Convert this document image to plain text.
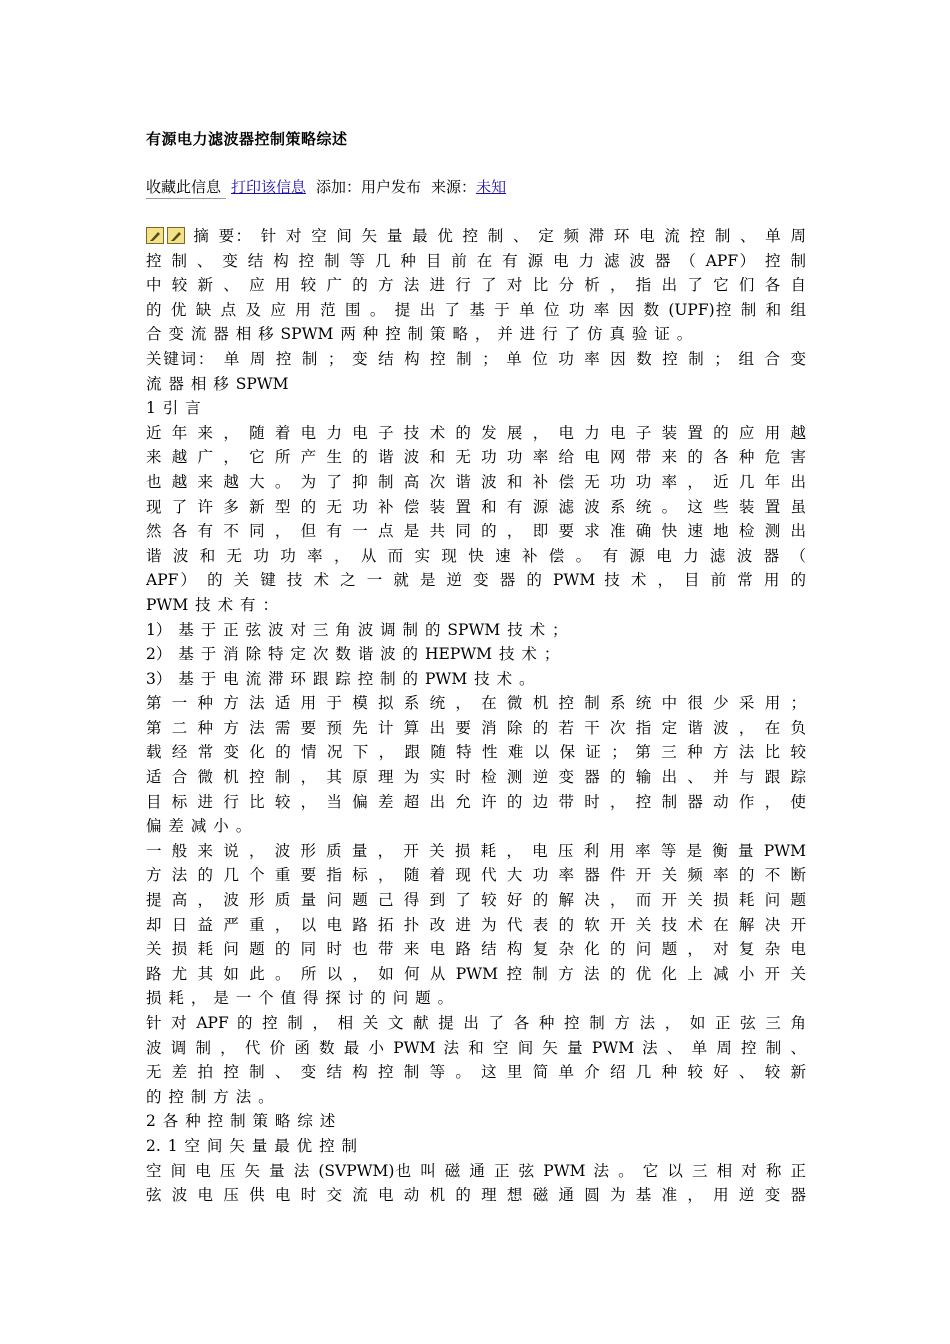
有源电力滤波器控制策略综述
收藏此信息 打印该信息 添加：用户发布 来源：未知
摘 要： 针 对 空 间 矢 量 最 优 控 制 、 定 频 滞 环 电 流 控 制 、 单 周
控 制 、 变 结 构 控 制 等 几 种 目 前 在 有 源 电 力 滤 波 器 （ APF） 控 制
中 较 新 、 应 用 较 广 的 方 法 进 行 了 对 比 分 析 ， 指 出 了 它 们 各 自
的 优 缺 点 及 应 用 范 围 。 提 出 了 基 于 单 位 功 率 因 数 (UPF)控 制 和 组
合 变 流 器 相 移 SPWM 两 种 控 制 策 略 ， 并 进 行 了 仿 真 验 证 。
关键词： 单 周 控 制 ； 变 结 构 控 制 ； 单 位 功 率 因 数 控 制 ； 组 合 变
流 器 相 移 SPWM
1 引 言
近 年 来 ， 随 着 电 力 电 子 技 术 的 发 展 ， 电 力 电 子 装 置 的 应 用 越
来 越 广 ， 它 所 产 生 的 谐 波 和 无 功 功 率 给 电 网 带 来 的 各 种 危 害
也 越 来 越 大 。 为 了 抑 制 高 次 谐 波 和 补 偿 无 功 功 率 ， 近 几 年 出
现 了 许 多 新 型 的 无 功 补 偿 装 置 和 有 源 滤 波 系 统 。 这 些 装 置 虽
然 各 有 不 同 ， 但 有 一 点 是 共 同 的 ， 即 要 求 准 确 快 速 地 检 测 出
谐 波 和 无 功 功 率 ， 从 而 实 现 快 速 补 偿 。 有 源 电 力 滤 波 器 （
APF） 的 关 键 技 术 之 一 就 是 逆 变 器 的 PWM 技 术 ， 目 前 常 用 的
PWM 技 术 有 ：
1） 基 于 正 弦 波 对 三 角 波 调 制 的 SPWM 技 术 ；
2） 基 于 消 除 特 定 次 数 谐 波 的 HEPWM 技 术 ；
3） 基 于 电 流 滞 环 跟 踪 控 制 的 PWM 技 术 。
第 一 种 方 法 适 用 于 模 拟 系 统 ， 在 微 机 控 制 系 统 中 很 少 采 用 ；
第 二 种 方 法 需 要 预 先 计 算 出 要 消 除 的 若 干 次 指 定 谐 波 ， 在 负
载 经 常 变 化 的 情 况 下 ， 跟 随 特 性 难 以 保 证 ； 第 三 种 方 法 比 较
适 合 微 机 控 制 ， 其 原 理 为 实 时 检 测 逆 变 器 的 输 出 、 并 与 跟 踪
目 标 进 行 比 较 ， 当 偏 差 超 出 允 许 的 边 带 时 ， 控 制 器 动 作 ， 使
偏 差 减 小 。
一 般 来 说 ， 波 形 质 量 ， 开 关 损 耗 ， 电 压 利 用 率 等 是 衡 量 PWM
方 法 的 几 个 重 要 指 标 ， 随 着 现 代 大 功 率 器 件 开 关 频 率 的 不 断
提 高 ， 波 形 质 量 问 题 己 得 到 了 较 好 的 解 决 ， 而 开 关 损 耗 问 题
却 日 益 严 重 ， 以 电 路 拓 扑 改 进 为 代 表 的 软 开 关 技 术 在 解 决 开
关 损 耗 问 题 的 同 时 也 带 来 电 路 结 构 复 杂 化 的 问 题 ， 对 复 杂 电
路 尤 其 如 此 。 所 以 ， 如 何 从 PWM 控 制 方 法 的 优 化 上 减 小 开 关
损 耗 ， 是 一 个 值 得 探 讨 的 问 题 。
针 对 APF 的 控 制 ， 相 关 文 献 提 出 了 各 种 控 制 方 法 ， 如 正 弦 三 角
波 调 制 ， 代 价 函 数 最 小 PWM 法 和 空 间 矢 量 PWM 法 、 单 周 控 制 、
无 差 拍 控 制 、 变 结 构 控 制 等 。 这 里 简 单 介 绍 几 种 较 好 、 较 新
的 控 制 方 法 。
2 各 种 控 制 策 略 综 述
2. 1 空 间 矢 量 最 优 控 制
空 间 电 压 矢 量 法 (SVPWM)也 叫 磁 通 正 弦 PWM 法 。 它 以 三 相 对 称 正
弦 波 电 压 供 电 时 交 流 电 动 机 的 理 想 磁 通 圆 为 基 准 ， 用 逆 变 器
